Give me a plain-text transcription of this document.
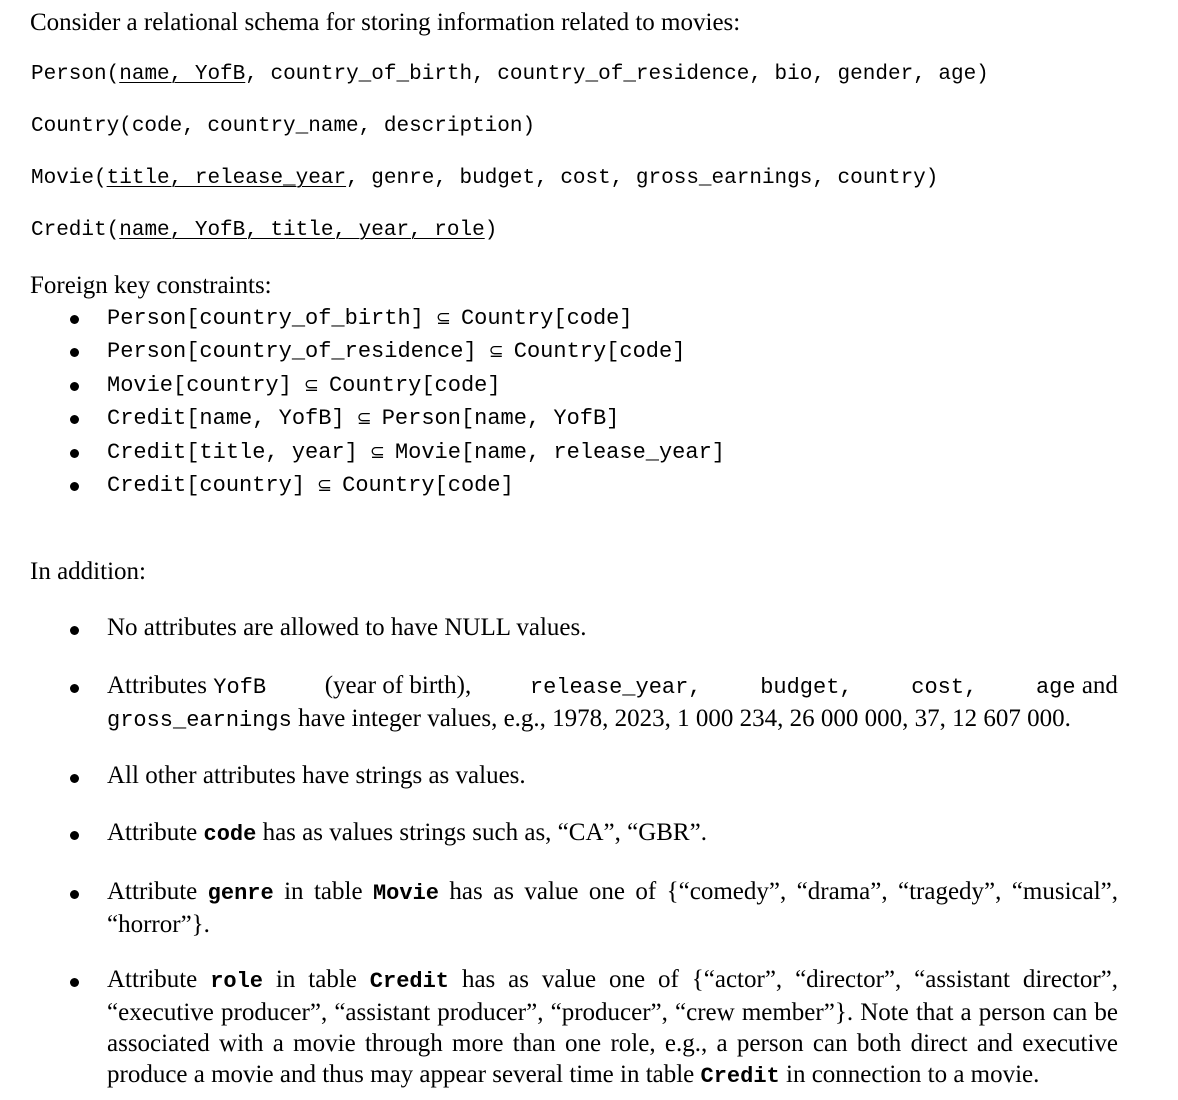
Consider a relational schema for storing information related to movies:
Person(name, YofB, country_of_birth, country_of_residence, bio, gender, age)
Country(code, country_name, description)
Movie(title, release_year, genre, budget, cost, gross_earnings, country)
Credit(name, YofB, title, year, role)
Foreign key constraints:
Person[country_of_birth] ⊆ Country[code]
Person[country_of_residence] ⊆ Country[code]
Movie[country] ⊆ Country[code]
Credit[name, YofB] ⊆ Person[name, YofB]
Credit[title, year] ⊆ Movie[name, release_year]
Credit[country] ⊆ Country[code]
In addition:
No attributes are allowed to have NULL values.
Attributes YofB (year of birth),	release_year,	budget,	cost,	age and
gross_earnings have integer values, e.g., 1978, 2023, 1 000 234, 26 000 000, 37, 12 607 000.
All other attributes have strings as values.
Attribute code has as values strings such as, “CA”, “GBR”.
Attribute genre in table Movie has as value one of {“comedy”, “drama”, “tragedy”, “musical”, “horror”}.
Attribute role in table Credit has as value one of {“actor”, “director”, “assistant director”, “executive producer”, “assistant producer”, “producer”, “crew member”}. Note that a person can be associated with a movie through more than one role, e.g., a person can both direct and executive produce a movie and thus may appear several time in table Credit in connection to a movie.
